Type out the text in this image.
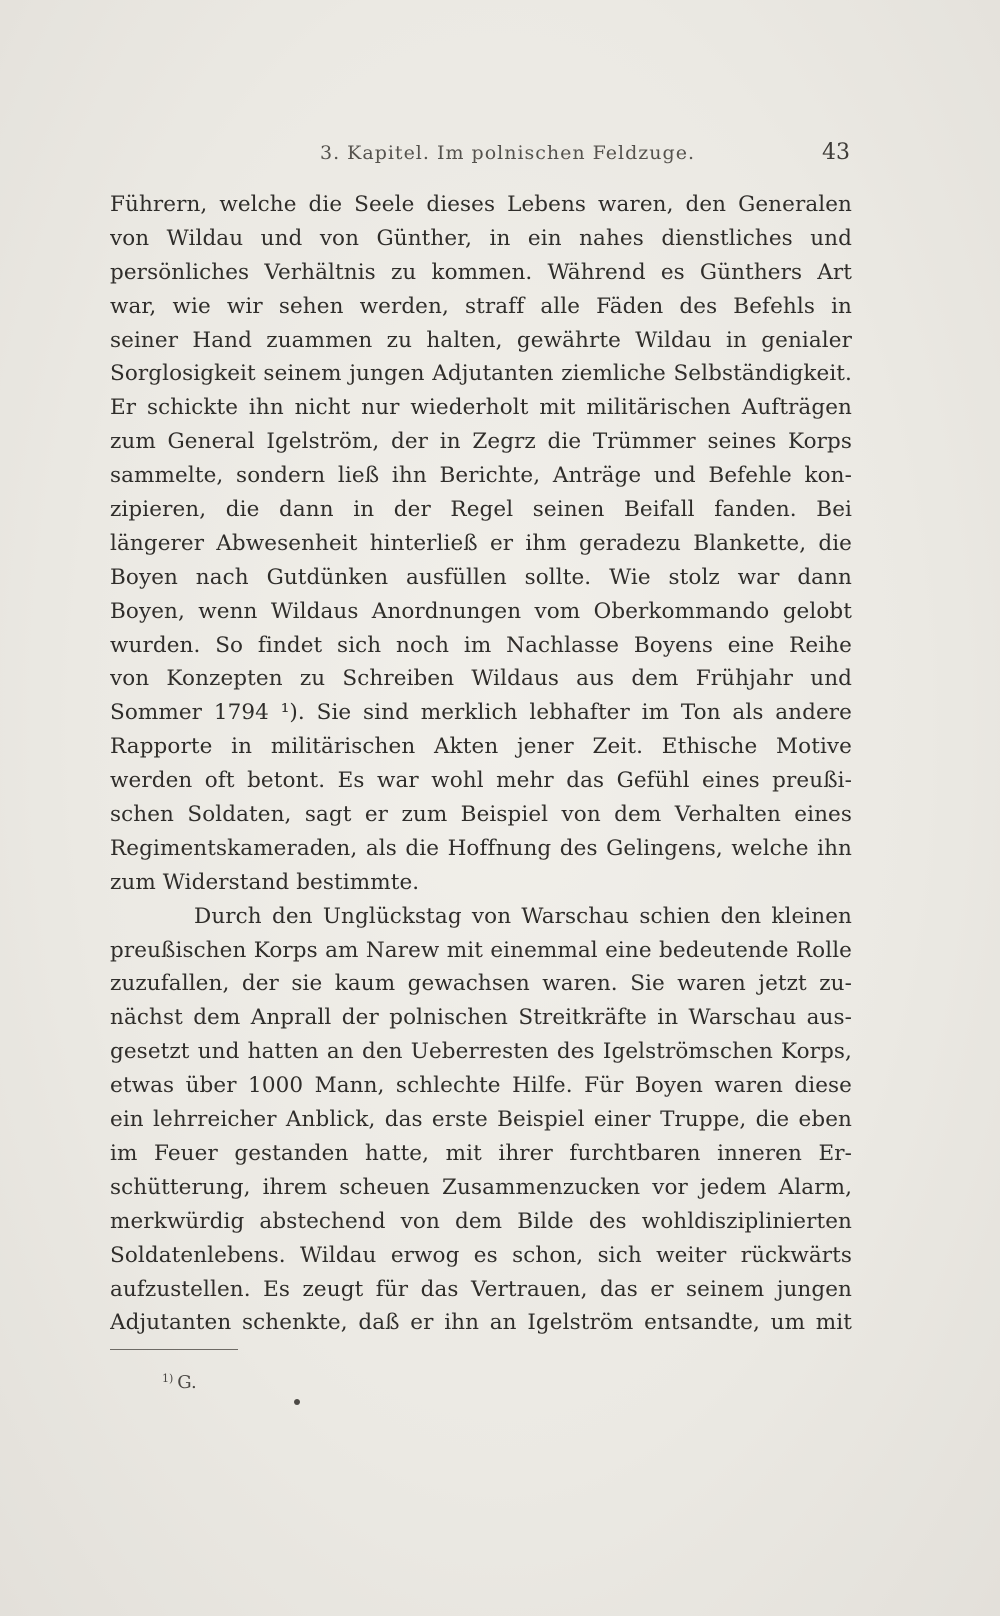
3. Kapitel. Im polnischen Feldzuge.	43
Führern, welche die Seele dieses Lebens waren, den Generalen
von Wildau und von Günther, in ein nahes dienstliches und
persönliches Verhältnis zu kommen. Während es Günthers Art
war, wie wir sehen werden, straff alle Fäden des Befehls in
seiner Hand zuammen zu halten, gewährte Wildau in genialer
Sorglosigkeit seinem jungen Adjutanten ziemliche Selbständigkeit.
Er schickte ihn nicht nur wiederholt mit militärischen Aufträgen
zum General Igelström, der in Zegrz die Trümmer seines Korps
sammelte, sondern ließ ihn Berichte, Anträge und Befehle kon-
zipieren, die dann in der Regel seinen Beifall fanden. Bei
längerer Abwesenheit hinterließ er ihm geradezu Blankette, die
Boyen nach Gutdünken ausfüllen sollte. Wie stolz war dann
Boyen, wenn Wildaus Anordnungen vom Oberkommando gelobt
wurden. So findet sich noch im Nachlasse Boyens eine Reihe
von Konzepten zu Schreiben Wildaus aus dem Frühjahr und
Sommer 1794 ¹). Sie sind merklich lebhafter im Ton als andere
Rapporte in militärischen Akten jener Zeit. Ethische Motive
werden oft betont. Es war wohl mehr das Gefühl eines preußi-
schen Soldaten, sagt er zum Beispiel von dem Verhalten eines
Regimentskameraden, als die Hoffnung des Gelingens, welche ihn
zum Widerstand bestimmte.
Durch den Unglückstag von Warschau schien den kleinen
preußischen Korps am Narew mit einemmal eine bedeutende Rolle
zuzufallen, der sie kaum gewachsen waren. Sie waren jetzt zu-
nächst dem Anprall der polnischen Streitkräfte in Warschau aus-
gesetzt und hatten an den Ueberresten des Igelströmschen Korps,
etwas über 1000 Mann, schlechte Hilfe. Für Boyen waren diese
ein lehrreicher Anblick, das erste Beispiel einer Truppe, die eben
im Feuer gestanden hatte, mit ihrer furchtbaren inneren Er-
schütterung, ihrem scheuen Zusammenzucken vor jedem Alarm,
merkwürdig abstechend von dem Bilde des wohldisziplinierten
Soldatenlebens. Wildau erwog es schon, sich weiter rückwärts
aufzustellen. Es zeugt für das Vertrauen, das er seinem jungen
Adjutanten schenkte, daß er ihn an Igelström entsandte, um mit
$^{1)}$ G.
